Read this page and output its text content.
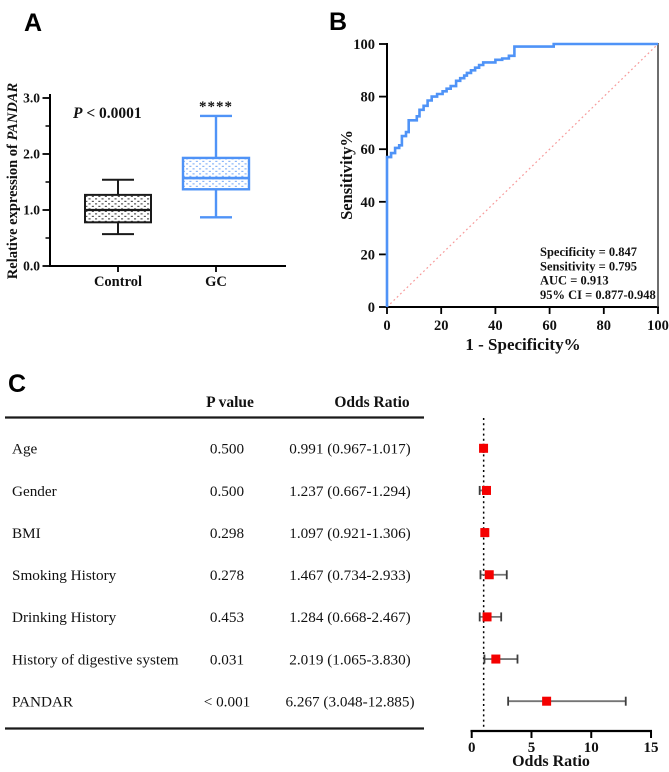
A	B
C
Relative expression of PANDAR	P < 0.0001	****
0.0
1.0
2.0
3.0
Control	GC
Sensitivity%
1 - Specificity%
Specificity = 0.847
Sensitivity = 0.795
AUC = 0.913
95% CI = 0.877-0.948
0
20
40
60
80
100
0	20	40	60	80 100
P value	Odds Ratio
Odds Ratio
0	5	10	15
Age	0.500	0.991 (0.967-1.017)
Gender	0.500	1.237 (0.667-1.294)
BMI	0.298	1.097 (0.921-1.306)
Smoking History	0.278	1.467 (0.734-2.933)
Drinking History	0.453	1.284 (0.668-2.467)
History of digestive system 0.031	2.019 (1.065-3.830)
PANDAR	< 0.001 6.267 (3.048-12.885)
